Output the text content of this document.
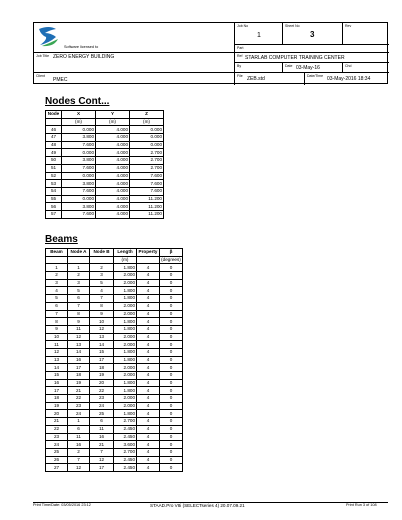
Software licensed to
Job No
1
Sheet No
3
Rev
Part
Job Title ZERO ENERGY BUILDING	Ref STARLAB COMPUTER TRAINING CENTER
By	Date 03-May-16	Chd
Client
PMEC
File ZEB.std	Date/Time 03-May-2016 18:34
Nodes Cont...
Node	X	Y	Z
	(m)	(m)	(m)
46	0.000	4.000	0.000
47	3.800	4.000	0.000
48	7.600	4.000	0.000
49	0.000	4.000	2.700
50	3.800	4.000	2.700
51	7.600	4.000	2.700
52	0.000	4.000	7.600
53	3.800	4.000	7.600
54	7.600	4.000	7.600
55	0.000	4.000	11.200
56	3.800	4.000	11.200
57	7.600	4.000	11.200
Beams
Beam	Node A	Node B	Length	Property	β
			(m)		(degrees)
1	1	2	1.800	4	0
2	2	3	2.000	4	0
3	3	5	2.000	4	0
4	5	4	1.800	4	0
5	6	7	1.800	4	0
6	7	8	2.000	4	0
7	8	9	2.000	4	0
8	9	10	1.800	4	0
9	11	12	1.800	4	0
10	12	13	2.000	4	0
11	13	14	2.000	4	0
12	14	15	1.800	4	0
13	16	17	1.800	4	0
14	17	18	2.000	4	0
15	18	19	2.000	4	0
16	19	20	1.800	4	0
17	21	22	1.800	4	0
18	22	23	2.000	4	0
19	23	24	2.000	4	0
20	24	25	1.800	4	0
21	1	6	2.700	4	0
22	6	11	2.450	4	0
23	11	16	2.450	4	0
24	16	21	3.600	4	0
25	2	7	2.700	4	0
26	7	12	2.450	4	0
27	12	17	2.450	4	0
Print Time/Date: 03/05/2016 23:12	STAAD.Pro V8i (SELECTseries 4) 20.07.09.21	Print Run 3 of 108
